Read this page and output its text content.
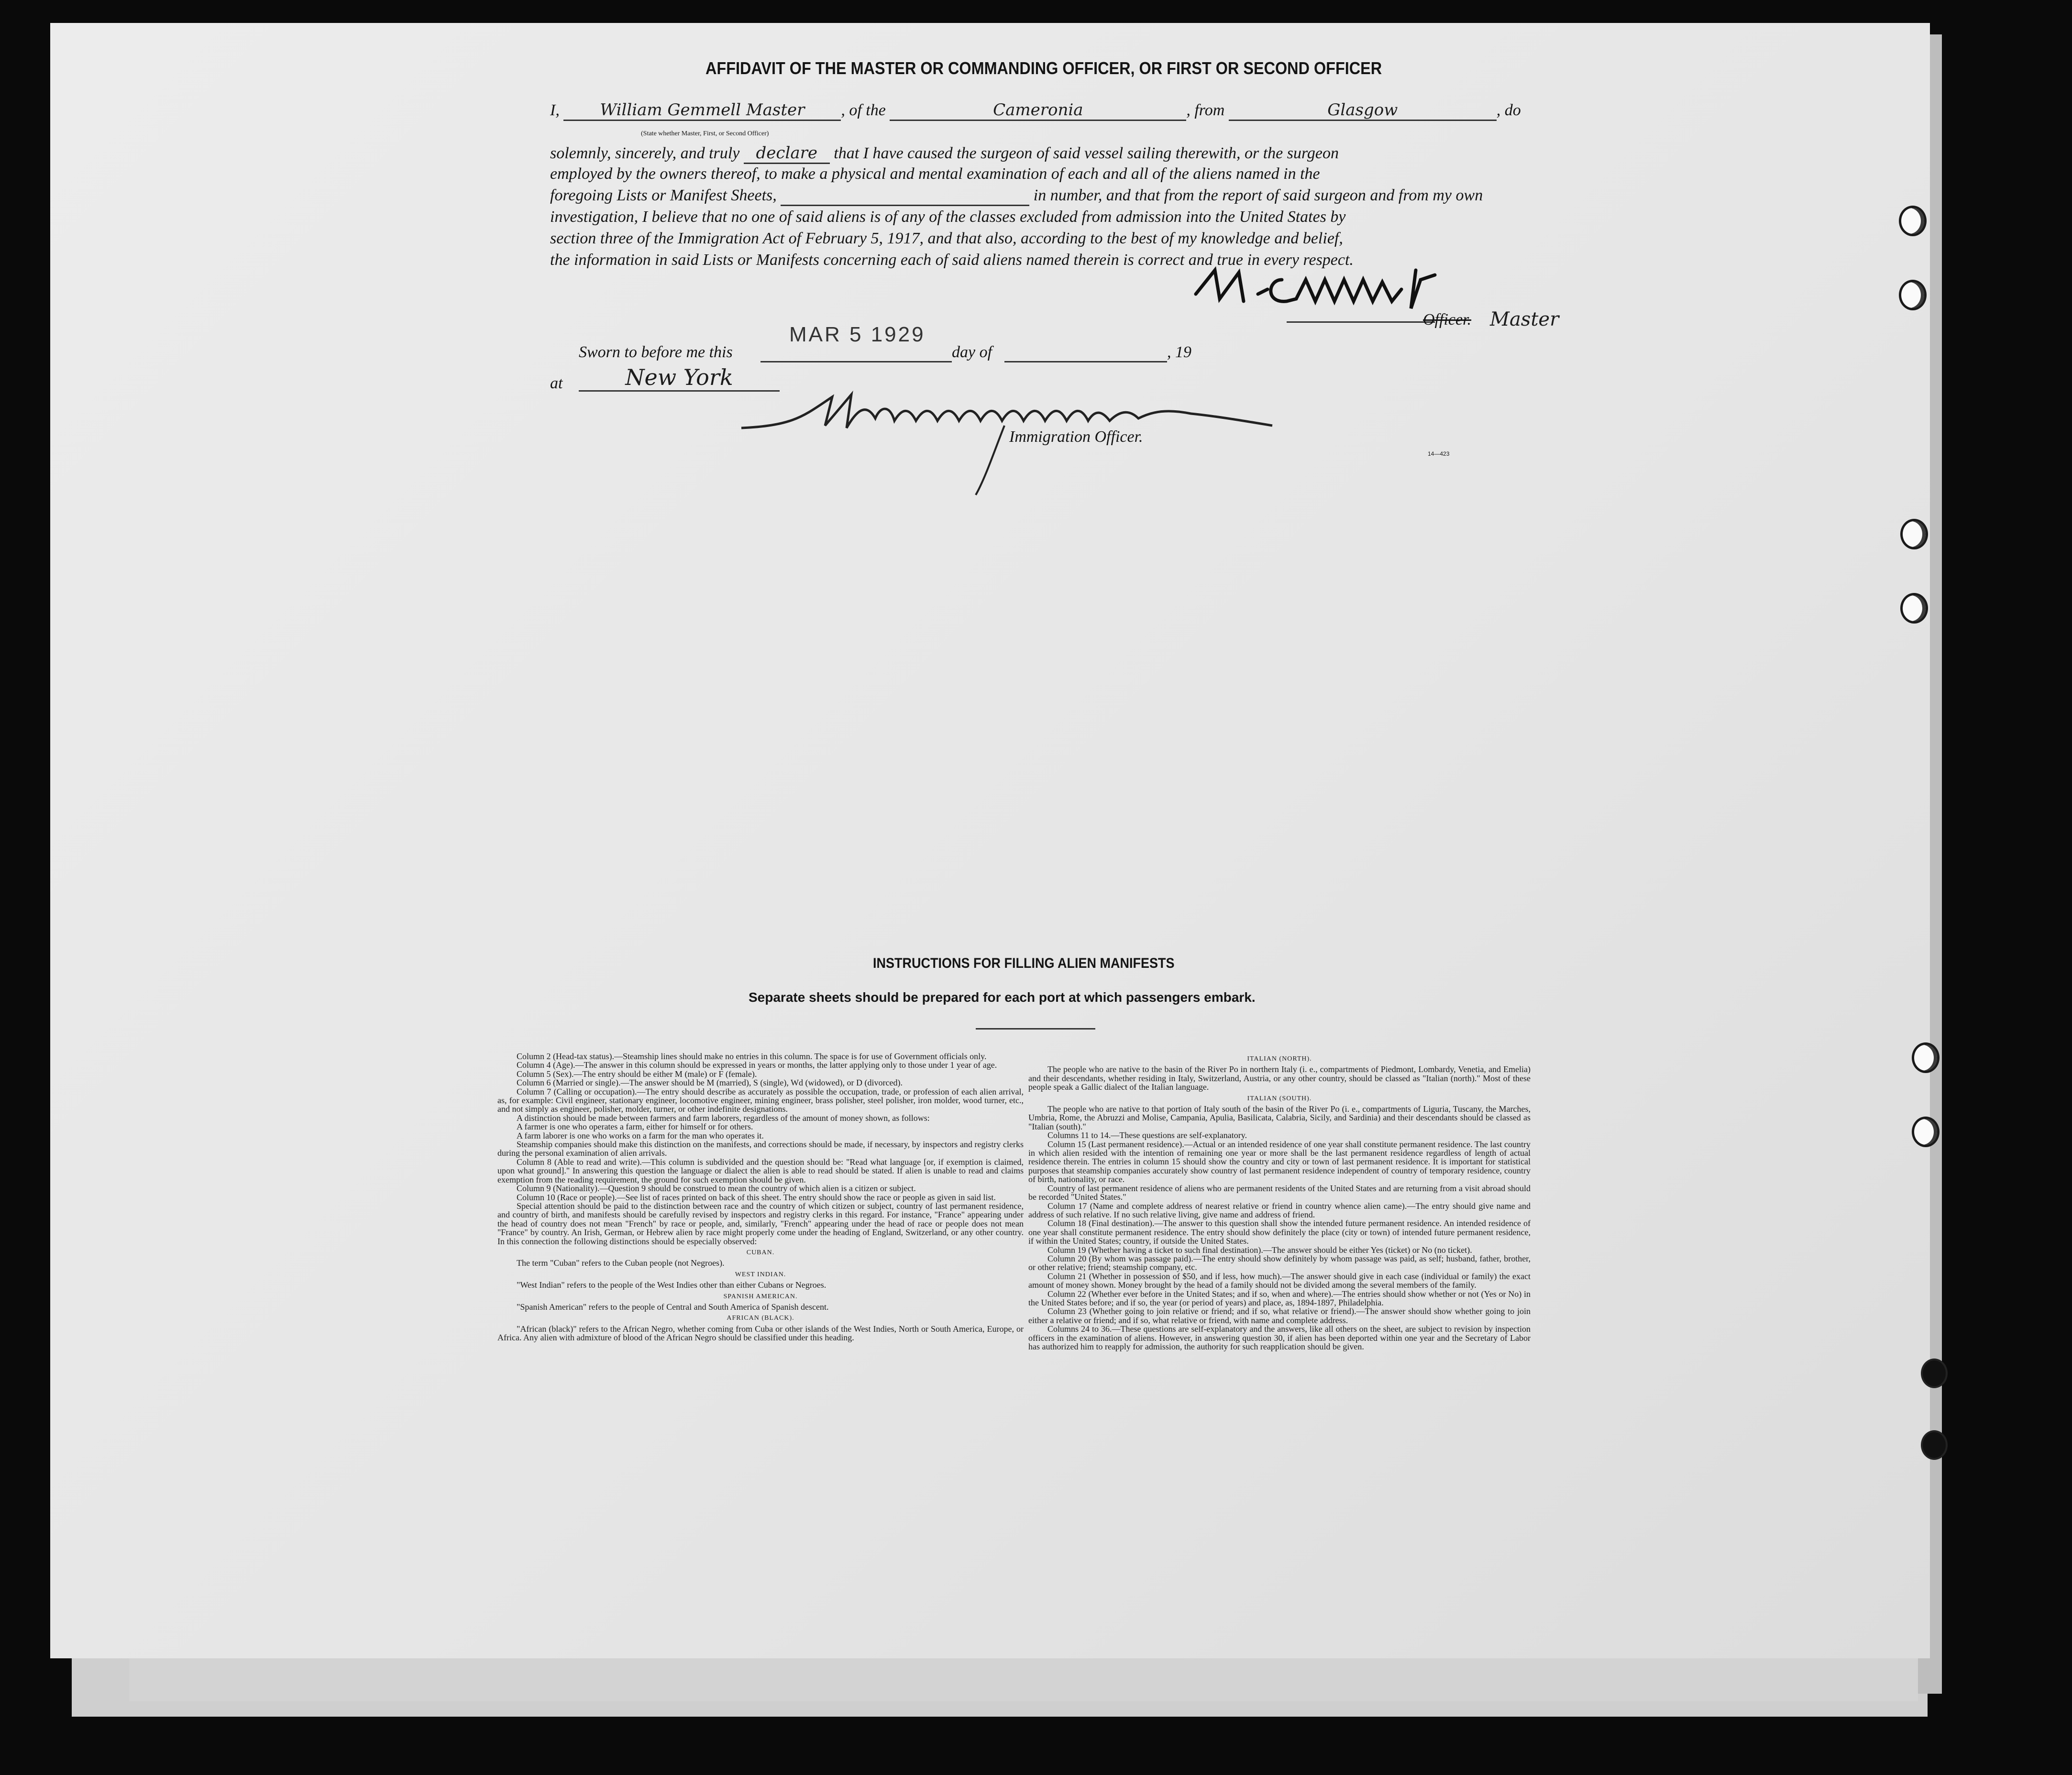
AFFIDAVIT OF THE MASTER OR COMMANDING OFFICER, OR FIRST OR SECOND OFFICER
I, William Gemmell Master , of the	Cameronia	, from	Glasgow	, do
(State whether Master, First, or Second Officer)
solemnly, sincerely, and truly declare that I have caused the surgeon of said vessel sailing therewith, or the surgeon
employed by the owners thereof, to make a physical and mental examination of each and all of the aliens named in the
foregoing Lists or Manifest Sheets,	in number, and that from the report of said surgeon and from my own
investigation, I believe that no one of said aliens is of any of the classes excluded from admission into the United States by
section three of the Immigration Act of February 5, 1917, and that also, according to the best of my knowledge and belief,
the information in said Lists or Manifests concerning each of said aliens named therein is correct and true in every respect.
Officer. Master
MAR 5 1929
Sworn to before me this	day of	, 19
at	New York
Immigration Officer.
14—423
INSTRUCTIONS FOR FILLING ALIEN MANIFESTS
Separate sheets should be prepared for each port at which passengers embark.

Column 2 (Head-tax status).—Steamship lines should make no entries in this column. The space is for use of Government officials only.

Column 4 (Age).—The answer in this column should be expressed in years or months, the latter applying only to those under 1 year of age.

Column 5 (Sex).—The entry should be either M (male) or F (female).

Column 6 (Married or single).—The answer should be M (married), S (single), Wd (widowed), or D (divorced).

Column 7 (Calling or occupation).—The entry should describe as accurately as possible the occupation, trade, or profession of each alien arrival, as, for example: Civil engineer, stationary engineer, locomotive engineer, mining engineer, brass polisher, steel polisher, iron molder, wood turner, etc., and not simply as engineer, polisher, molder, turner, or other indefinite designations.

A distinction should be made between farmers and farm laborers, regardless of the amount of money shown, as follows:

A farmer is one who operates a farm, either for himself or for others.

A farm laborer is one who works on a farm for the man who operates it.

Steamship companies should make this distinction on the manifests, and corrections should be made, if necessary, by inspectors and registry clerks during the personal examination of alien arrivals.

Column 8 (Able to read and write).—This column is subdivided and the question should be: "Read what language [or, if exemption is claimed, upon what ground]." In answering this question the language or dialect the alien is able to read should be stated. If alien is unable to read and claims exemption from the reading requirement, the ground for such exemption should be given.

Column 9 (Nationality).—Question 9 should be construed to mean the country of which alien is a citizen or subject.

Column 10 (Race or people).—See list of races printed on back of this sheet. The entry should show the race or people as given in said list.

Special attention should be paid to the distinction between race and the country of which citizen or subject, country of last permanent residence, and country of birth, and manifests should be carefully revised by inspectors and registry clerks in this regard. For instance, "France" appearing under the head of country does not mean "French" by race or people, and, similarly, "French" appearing under the head of race or people does not mean "France" by country. An Irish, German, or Hebrew alien by race might properly come under the heading of England, Switzerland, or any other country. In this connection the following distinctions should be especially observed:

CUBAN.

The term "Cuban" refers to the Cuban people (not Negroes).

WEST INDIAN.

"West Indian" refers to the people of the West Indies other than either Cubans or Negroes.

SPANISH AMERICAN.

"Spanish American" refers to the people of Central and South America of Spanish descent.

AFRICAN (BLACK).

"African (black)" refers to the African Negro, whether coming from Cuba or other islands of the West Indies, North or South America, Europe, or Africa. Any alien with admixture of blood of the African Negro should be classified under this heading.

ITALIAN (NORTH).

The people who are native to the basin of the River Po in northern Italy (i. e., compartments of Piedmont, Lombardy, Venetia, and Emelia) and their descendants, whether residing in Italy, Switzerland, Austria, or any other country, should be classed as "Italian (north)." Most of these people speak a Gallic dialect of the Italian language.

ITALIAN (SOUTH).

The people who are native to that portion of Italy south of the basin of the River Po (i. e., compartments of Liguria, Tuscany, the Marches, Umbria, Rome, the Abruzzi and Molise, Campania, Apulia, Basilicata, Calabria, Sicily, and Sardinia) and their descendants should be classed as "Italian (south)."

Columns 11 to 14.—These questions are self-explanatory.

Column 15 (Last permanent residence).—Actual or an intended residence of one year shall constitute permanent residence. The last country in which alien resided with the intention of remaining one year or more shall be the last permanent residence regardless of length of actual residence therein. The entries in column 15 should show the country and city or town of last permanent residence. It is important for statistical purposes that steamship companies accurately show country of last permanent residence independent of country of temporary residence, country of birth, nationality, or race.

Country of last permanent residence of aliens who are permanent residents of the United States and are returning from a visit abroad should be recorded "United States."

Column 17 (Name and complete address of nearest relative or friend in country whence alien came).—The entry should give name and address of such relative. If no such relative living, give name and address of friend.

Column 18 (Final destination).—The answer to this question shall show the intended future permanent residence. An intended residence of one year shall constitute permanent residence. The entry should show definitely the place (city or town) of intended future permanent residence, if within the United States; country, if outside the United States.

Column 19 (Whether having a ticket to such final destination).—The answer should be either Yes (ticket) or No (no ticket).

Column 20 (By whom was passage paid).—The entry should show definitely by whom passage was paid, as self; husband, father, brother, or other relative; friend; steamship company, etc.

Column 21 (Whether in possession of $50, and if less, how much).—The answer should give in each case (individual or family) the exact amount of money shown. Money brought by the head of a family should not be divided among the several members of the family.

Column 22 (Whether ever before in the United States; and if so, when and where).—The entries should show whether or not (Yes or No) in the United States before; and if so, the year (or period of years) and place, as, 1894-1897, Philadelphia.

Column 23 (Whether going to join relative or friend; and if so, what relative or friend).—The answer should show whether going to join either a relative or friend; and if so, what relative or friend, with name and complete address.

Columns 24 to 36.—These questions are self-explanatory and the answers, like all others on the sheet, are subject to revision by inspection officers in the examination of aliens. However, in answering question 30, if alien has been deported within one year and the Secretary of Labor has authorized him to reapply for admission, the authority for such reapplication should be given.
